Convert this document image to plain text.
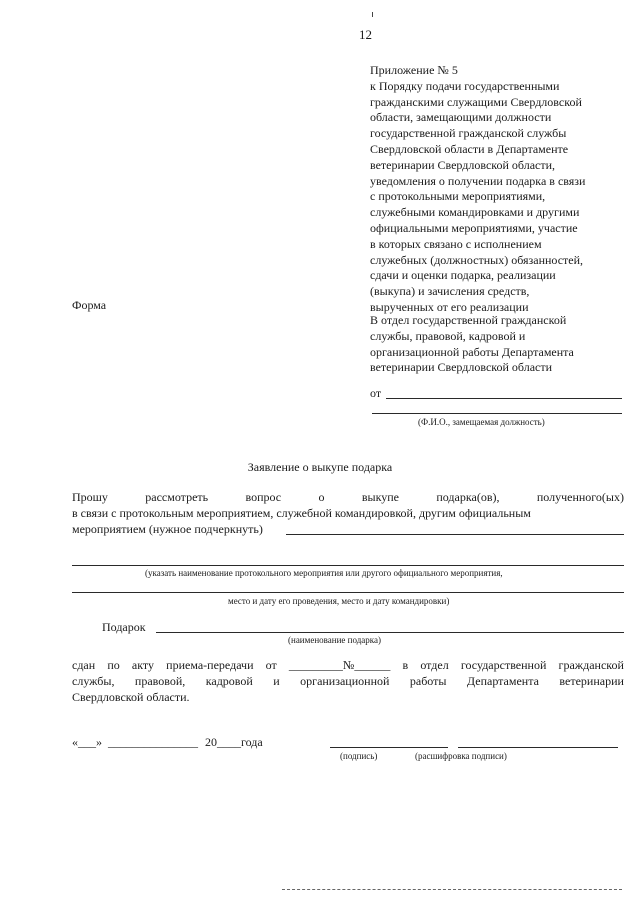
12
Приложение № 5
к Порядку подачи государственными
гражданскими служащими Свердловской
области, замещающими должности
государственной гражданской службы
Свердловской области в Департаменте
ветеринарии Свердловской области,
уведомления о получении подарка в связи
с протокольными мероприятиями,
служебными командировками и другими
официальными мероприятиями, участие
в которых связано с исполнением
служебных (должностных) обязанностей,
сдачи и оценки подарка, реализации
(выкупа) и зачисления средств,
вырученных от его реализации
Форма
В отдел государственной гражданской
службы, правовой, кадровой и
организационной работы Департамента
ветеринарии Свердловской области
от
(Ф.И.О., замещаемая должность)
Заявление о выкупе подарка
Прошу	рассмотреть	вопрос	о	выкупе	подарка(ов),	полученного(ых)
в связи с протокольным мероприятием, служебной командировкой, другим официальным
мероприятием (нужное подчеркнуть)
(указать наименование протокольного мероприятия или другого официального мероприятия,
место и дату его проведения, место и дату командировки)
Подарок
(наименование подарка)
сдан по акту приема-передачи от _________№______ в отдел государственной гражданской
службы, правовой, кадровой и организационной работы Департамента ветеринарии
Свердловской области.
«___» _______________ 20____года
(подпись)	(расшифровка подписи)
